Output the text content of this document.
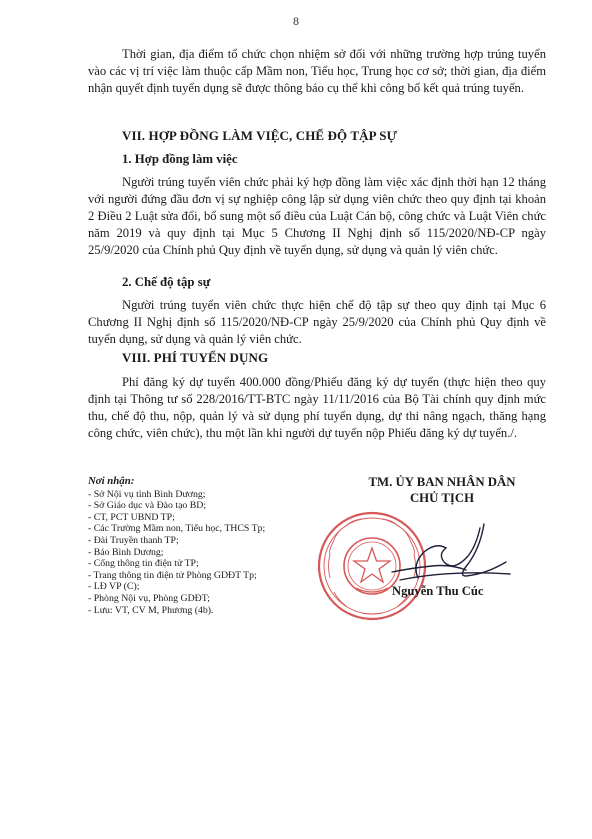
8

Thời gian, địa điểm tổ chức chọn nhiệm sở đối với những trường hợp trúng tuyển vào các vị trí việc làm thuộc cấp Mầm non, Tiểu học, Trung học cơ sở; thời gian, địa điểm nhận quyết định tuyển dụng sẽ được thông báo cụ thể khi công bố kết quả trúng tuyển.

VII. HỢP ĐỒNG LÀM VIỆC, CHẾ ĐỘ TẬP SỰ
1. Hợp đồng làm việc

Người trúng tuyển viên chức phải ký hợp đồng làm việc xác định thời hạn 12 tháng với người đứng đầu đơn vị sự nghiệp công lập sử dụng viên chức theo quy định tại khoản 2 Điều 2 Luật sửa đổi, bổ sung một số điều của Luật Cán bộ, công chức và Luật Viên chức năm 2019 và quy định tại Mục 5 Chương II Nghị định số 115/2020/NĐ-CP ngày 25/9/2020 của Chính phủ Quy định về tuyển dụng, sử dụng và quản lý viên chức.

2. Chế độ tập sự

Người trúng tuyển viên chức thực hiện chế độ tập sự theo quy định tại Mục 6 Chương II Nghị định số 115/2020/NĐ-CP ngày 25/9/2020 của Chính phủ Quy định về tuyển dụng, sử dụng và quản lý viên chức.

VIII. PHÍ TUYỂN DỤNG

Phí đăng ký dự tuyển 400.000 đồng/Phiếu đăng ký dự tuyển (thực hiện theo quy định tại Thông tư số 228/2016/TT-BTC ngày 11/11/2016 của Bộ Tài chính quy định mức thu, chế độ thu, nộp, quản lý và sử dụng phí tuyển dụng, dự thi nâng ngạch, thăng hạng công chức, viên chức), thu một lần khi người dự tuyển nộp Phiếu đăng ký dự tuyển./.

Nơi nhận:
- Sở Nội vụ tỉnh Bình Dương;
- Sở Giáo dục và Đào tạo BD;
- CT, PCT UBND TP;
- Các Trường Mầm non, Tiểu học, THCS Tp;
- Đài Truyền thanh TP;
- Báo Bình Dương;
- Cổng thông tin điện tử TP;
- Trang thông tin điện tử Phòng GDĐT Tp;
- LĐ VP (C);
- Phòng Nội vụ, Phòng GDĐT;
- Lưu: VT, CV M, Phương (4b).
TM. ỦY BAN NHÂN DÂN
CHỦ TỊCH
Nguyễn Thu Cúc
